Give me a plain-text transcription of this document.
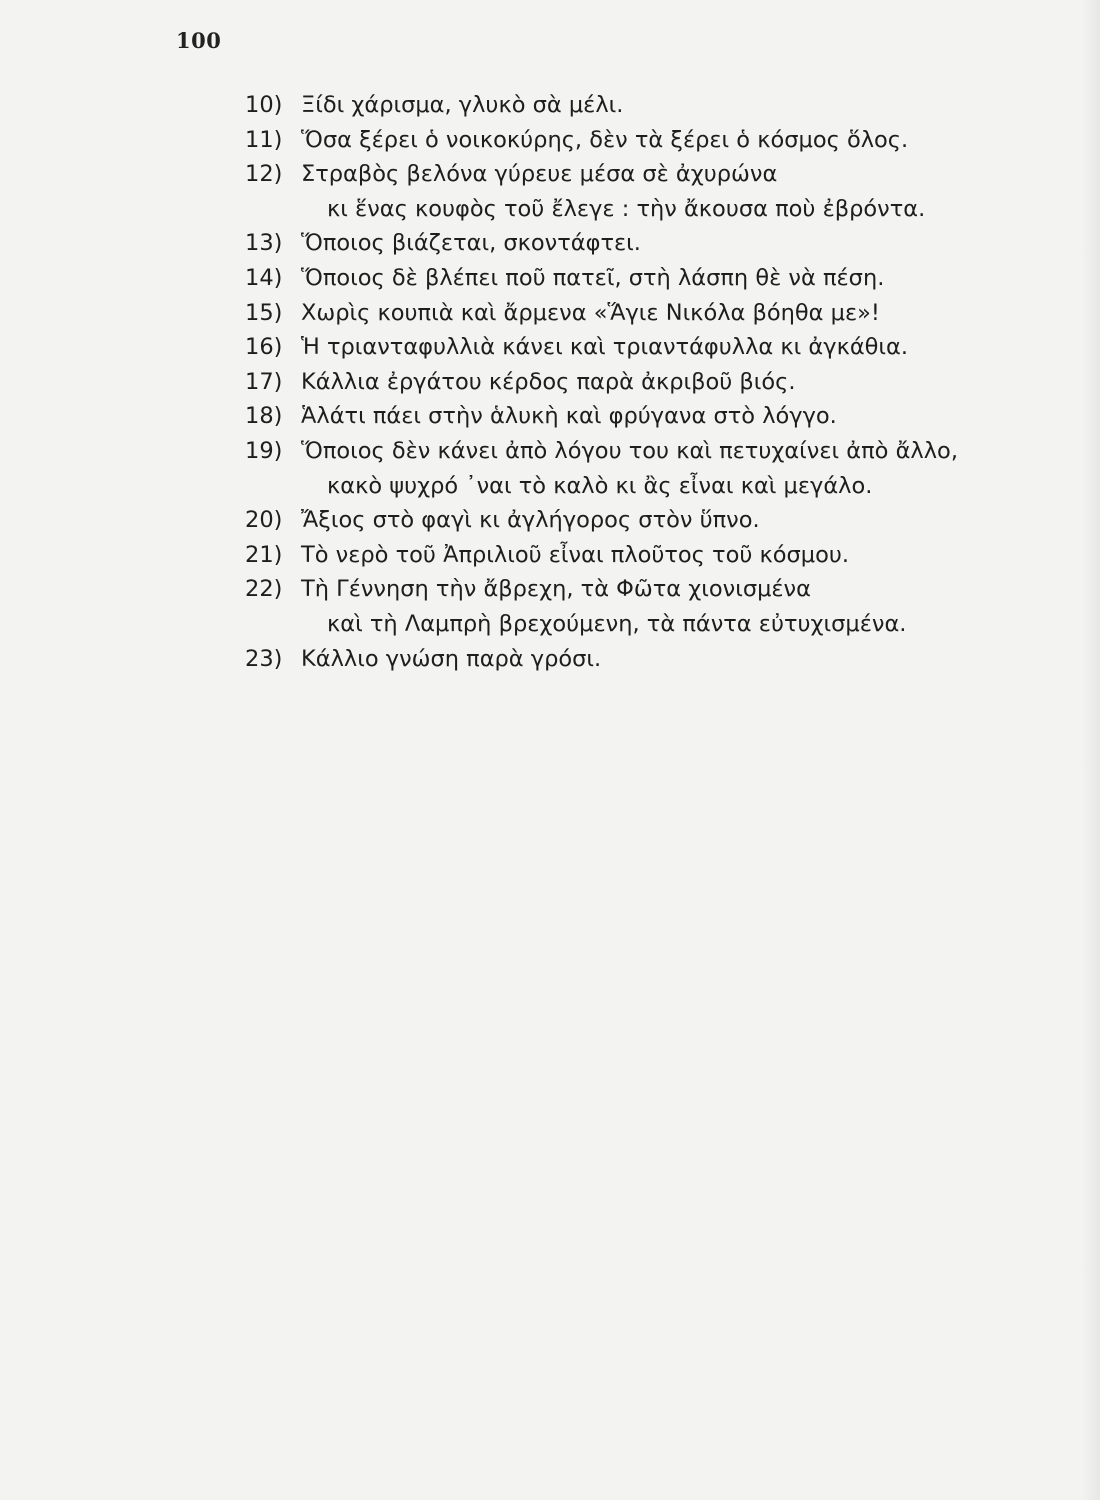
100
10) Ξίδι χάρισμα, γλυκὸ σὰ μέλι.
11) Ὅσα ξέρει ὁ νοικοκύρης, δὲν τὰ ξέρει ὁ κόσμος ὅλος.
12) Στραβὸς βελόνα γύρευε μέσα σὲ ἀχυρώνα
κι ἕνας κουφὸς τοῦ ἔλεγε : τὴν ἄκουσα ποὺ ἐβρόντα.
13) Ὅποιος βιάζεται, σκοντάφτει.
14) Ὅποιος δὲ βλέπει ποῦ πατεῖ, στὴ λάσπη θὲ νὰ πέση.
15) Χωρὶς κουπιὰ καὶ ἄρμενα «Ἅγιε Νικόλα βόηθα με»!
16) Ἡ τριανταφυλλιὰ κάνει καὶ τριαντάφυλλα κι ἀγκάθια.
17) Κάλλια ἐργάτου κέρδος παρὰ ἀκριβοῦ βιός.
18) Ἁλάτι πάει στὴν ἁλυκὴ καὶ φρύγανα στὸ λόγγο.
19) Ὅποιος δὲν κάνει ἀπὸ λόγου του καὶ πετυχαίνει ἀπὸ ἄλλο,
κακὸ ψυχρό ᾽ναι τὸ καλὸ κι ἂς εἶναι καὶ μεγάλο.
20) Ἄξιος στὸ φαγὶ κι ἀγλήγορος στὸν ὕπνο.
21) Τὸ νερὸ τοῦ Ἀπριλιοῦ εἶναι πλοῦτος τοῦ κόσμου.
22) Τὴ Γέννηση τὴν ἄβρεχη, τὰ Φῶτα χιονισμένα
καὶ τὴ Λαμπρὴ βρεχούμενη, τὰ πάντα εὐτυχισμένα.
23) Κάλλιο γνώση παρὰ γρόσι.
